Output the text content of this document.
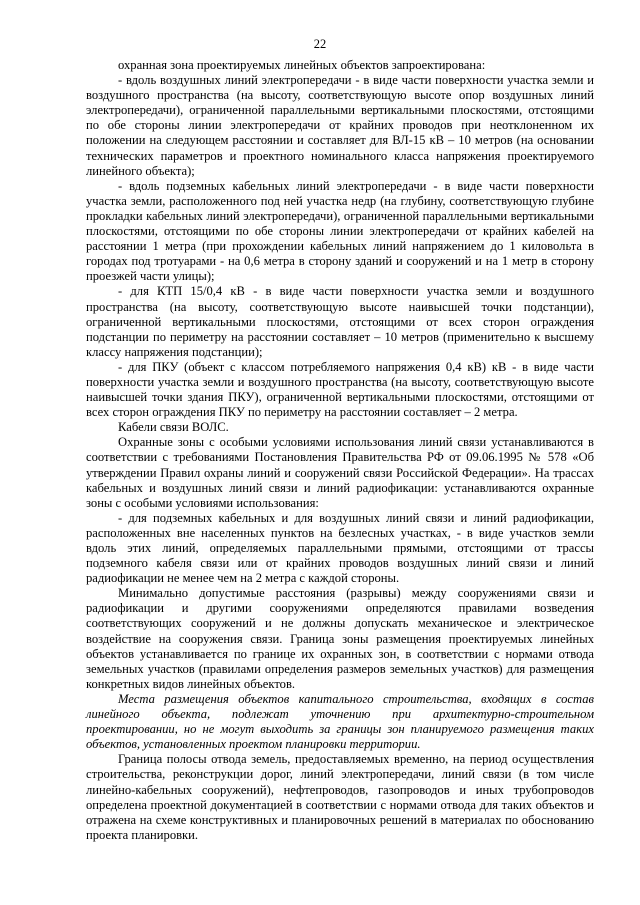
22

охранная зона проектируемых линейных объектов запроектирована:

- вдоль воздушных линий электропередачи - в виде части поверхности участка земли и воздушного пространства (на высоту, соответствующую высоте опор воздушных линий электропередачи), ограниченной параллельными вертикальными плоскостями, отстоящими по обе стороны линии электропередачи от крайних проводов при неотклоненном их положении на следующем расстоянии и составляет для ВЛ-15 кВ – 10 метров (на основании технических параметров и проектного номинального класса напряжения проектируемого линейного объекта);

- вдоль подземных кабельных линий электропередачи - в виде части поверхности участка земли, расположенного под ней участка недр (на глубину, соответствующую глубине прокладки кабельных линий электропередачи), ограниченной параллельными вертикальными плоскостями, отстоящими по обе стороны линии электропередачи от крайних кабелей на расстоянии 1 метра (при прохождении кабельных линий напряжением до 1 киловольта в городах под тротуарами - на 0,6 метра в сторону зданий и сооружений и на 1 метр в сторону проезжей части улицы);

- для КТП 15/0,4 кВ - в виде части поверхности участка земли и воздушного пространства (на высоту, соответствующую высоте наивысшей точки подстанции), ограниченной вертикальными плоскостями, отстоящими от всех сторон ограждения подстанции по периметру на расстоянии составляет – 10 метров (применительно к высшему классу напряжения подстанции);

- для ПКУ (объект с классом потребляемого напряжения 0,4 кВ) кВ - в виде части поверхности участка земли и воздушного пространства (на высоту, соответствующую высоте наивысшей точки здания ПКУ), ограниченной вертикальными плоскостями, отстоящими от всех сторон ограждения ПКУ по периметру на расстоянии составляет – 2 метра.

Кабели связи ВОЛС.

Охранные зоны с особыми условиями использования линий связи устанавливаются в соответствии с требованиями Постановления Правительства РФ от 09.06.1995 № 578 «Об утверждении Правил охраны линий и сооружений связи Российской Федерации». На трассах кабельных и воздушных линий связи и линий радиофикации: устанавливаются охранные зоны с особыми условиями использования:

- для подземных кабельных и для воздушных линий связи и линий радиофикации, расположенных вне населенных пунктов на безлесных участках, - в виде участков земли вдоль этих линий, определяемых параллельными прямыми, отстоящими от трассы подземного кабеля связи или от крайних проводов воздушных линий связи и линий радиофикации не менее чем на 2 метра с каждой стороны.

Минимально допустимые расстояния (разрывы) между сооружениями связи и радиофикации и другими сооружениями определяются правилами возведения соответствующих сооружений и не должны допускать механическое и электрическое воздействие на сооружения связи. Граница зоны размещения проектируемых линейных объектов устанавливается по границе их охранных зон, в соответствии с нормами отвода земельных участков (правилами определения размеров земельных участков) для размещения конкретных видов линейных объектов.

Места размещения объектов капитального строительства, входящих в состав линейного объекта, подлежат уточнению при архитектурно-строительном проектировании, но не могут выходить за границы зон планируемого размещения таких объектов, установленных проектом планировки территории.

Граница полосы отвода земель, предоставляемых временно, на период осуществления строительства, реконструкции дорог, линий электропередачи, линий связи (в том числе линейно-кабельных сооружений), нефтепроводов, газопроводов и иных трубопроводов определена проектной документацией в соответствии с нормами отвода для таких объектов и отражена на схеме конструктивных и планировочных решений в материалах по обоснованию проекта планировки.
